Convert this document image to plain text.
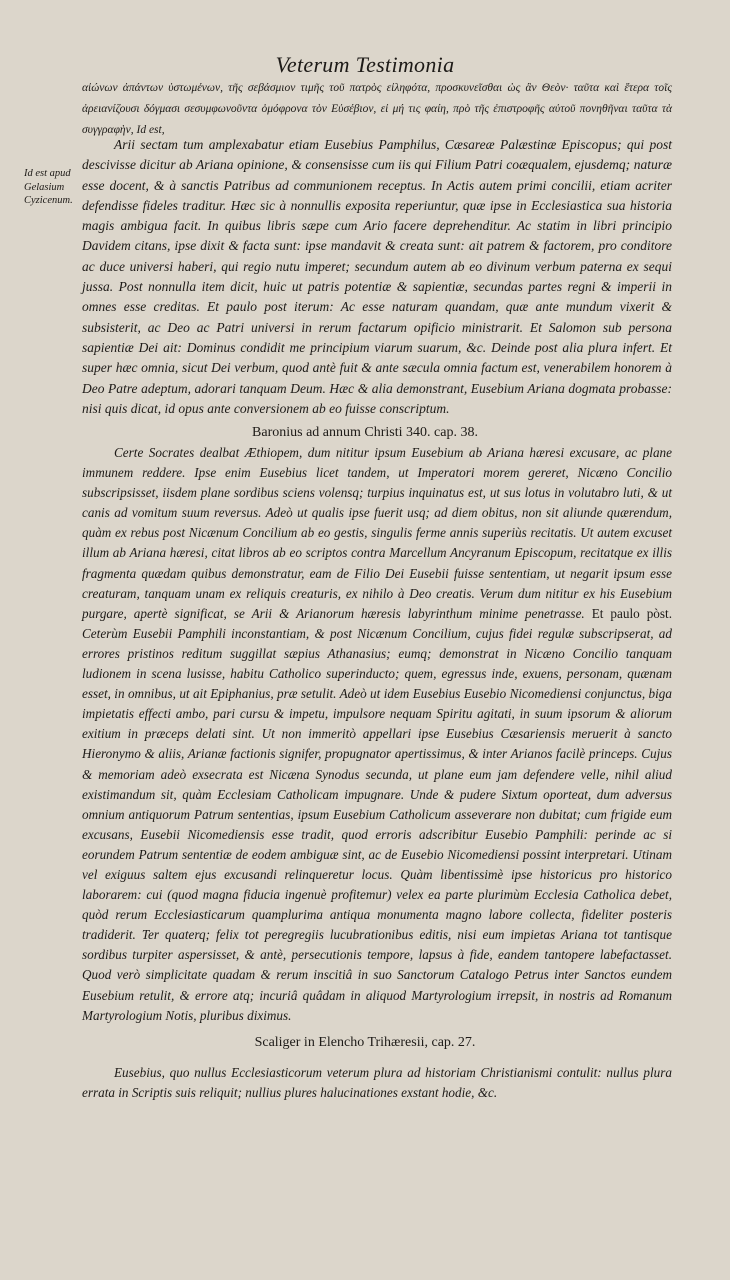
Veterum Testimonia

αἰώνων ἀπάντων ὑστωμένων, τῆς σεβάσμιον τιμῆς τοῦ πατρὸς εἰληφότα, προσκυνεῖσθαι ὡς ἂν Θεὸν· ταῦτα καὶ ἕτερα τοῖς ἀρειανίζουσι δόγμασι σεσυμφωνοῦντα ὁμόφρονα τὸν Εὐσέβιον, εἰ μή τις φαίη, πρὸ τῆς ἐπιστροφῆς αὐτοῦ πονηθῆναι ταῦτα τὰ συγγραφὴν, Id est,

Id est apud Gelasium Cyzicenum.

Arii sectam tum amplexabatur etiam Eusebius Pamphilus, Cæsareæ Palæstinæ Episcopus; qui post descivisse dicitur ab Ariana opinione, & consensisse cum iis qui Filium Patri coæqualem, ejusdemq; naturæ esse docent, & à sanctis Patribus ad communionem receptus. In Actis autem primi concilii, etiam acriter defendisse fideles traditur. Hæc sic à nonnullis exposita reperiuntur, quæ ipse in Ecclesiastica sua historia magis ambigua facit. In quibus libris sæpe cum Ario facere deprehenditur. Ac statim in libri principio Davidem citans, ipse dixit & facta sunt: ipse mandavit & creata sunt: ait patrem & factorem, pro conditore ac duce universi haberi, qui regio nutu imperet; secundum autem ab eo divinum verbum paterna ex sequi jussa. Post nonnulla item dicit, huic ut patris potentiæ & sapientiæ, secundas partes regni & imperii in omnes esse creditas. Et paulo post iterum: Ac esse naturam quandam, quæ ante mundum vixerit & subsisterit, ac Deo ac Patri universi in rerum factarum opificio ministrarit. Et Salomon sub persona sapientiæ Dei ait: Dominus condidit me principium viarum suarum, &c. Deinde post alia plura infert. Et super hæc omnia, sicut Dei verbum, quod antè fuit & ante sæcula omnia factum est, venerabilem honorem à Deo Patre adeptum, adorari tanquam Deum. Hæc & alia demonstrant, Eusebium Ariana dogmata probasse: nisi quis dicat, id opus ante conversionem ab eo fuisse conscriptum.

Baronius ad annum Christi 340. cap. 38.

Certe Socrates dealbat Æthiopem, dum nititur ipsum Eusebium ab Ariana hæresi excusare, ac plane immunem reddere. Ipse enim Eusebius licet tandem, ut Imperatori morem gereret, Nicæno Concilio subscripsisset, iisdem plane sordibus sciens volensq; turpius inquinatus est, ut sus lotus in volutabro luti, & ut canis ad vomitum suum reversus. Adeò ut qualis ipse fuerit usq; ad diem obitus, non sit aliunde quærendum, quàm ex rebus post Nicænum Concilium ab eo gestis, singulis ferme annis superiùs recitatis. Ut autem excuset illum ab Ariana hæresi, citat libros ab eo scriptos contra Marcellum Ancyranum Episcopum, recitatque ex illis fragmenta quædam quibus demonstratur, eam de Filio Dei Eusebii fuisse sententiam, ut negarit ipsum esse creaturam, tanquam unam ex reliquis creaturis, ex nihilo à Deo creatis. Verum dum nititur ex his Eusebium purgare, apertè significat, se Arii & Arianorum hæresis labyrinthum minime penetrasse. Et paulo pòst. Ceterùm Eusebii Pamphili inconstantiam, & post Nicænum Concilium, cujus fidei regulæ subscripserat, ad errores pristinos reditum suggillat sæpius Athanasius; eumq; demonstrat in Nicæno Concilio tanquam ludionem in scena lusisse, habitu Catholico superinducto; quem, egressus inde, exuens, personam, quænam esset, in omnibus, ut ait Epiphanius, præ setulit. Adeò ut idem Eusebius Eusebio Nicomediensi conjunctus, biga impietatis effecti ambo, pari cursu & impetu, impulsore nequam Spiritu agitati, in suum ipsorum & aliorum exitium in præceps delati sint. Ut non immeritò appellari ipse Eusebius Cæsariensis meruerit à sancto Hieronymo & aliis, Arianæ factionis signifer, propugnator apertissimus, & inter Arianos facilè princeps. Cujus & memoriam adeò exsecrata est Nicæna Synodus secunda, ut plane eum jam defendere velle, nihil aliud existimandum sit, quàm Ecclesiam Catholicam impugnare. Unde & pudere Sixtum oporteat, dum adversus omnium antiquorum Patrum sententias, ipsum Eusebium Catholicum asseverare non dubitat; cum frigide eum excusans, Eusebii Nicomediensis esse tradit, quod erroris adscribitur Eusebio Pamphili: perinde ac si eorundem Patrum sententiæ de eodem ambiguæ sint, ac de Eusebio Nicomediensi possint interpretari. Utinam vel exiguus saltem ejus excusandi relinqueretur locus. Quàm libentissimè ipse historicus pro historico laborarem: cui (quod magna fiducia ingenuè profitemur) velex ea parte plurimùm Ecclesia Catholica debet, quòd rerum Ecclesiasticarum quamplurima antiqua monumenta magno labore collecta, fideliter posteris tradiderit. Ter quaterq; felix tot peregregiis lucubrationibus editis, nisi eum impietas Ariana tot tantisque sordibus turpiter aspersisset, & antè, persecutionis tempore, lapsus à fide, eandem tantopere labefactasset. Quod verò simplicitate quadam & rerum inscitiâ in suo Sanctorum Catalogo Petrus inter Sanctos eundem Eusebium retulit, & errore atq; incuriâ quâdam in aliquod Martyrologium irrepsit, in nostris ad Romanum Martyrologium Notis, pluribus diximus.

Scaliger in Elencho Trihæresii, cap. 27.

Eusebius, quo nullus Ecclesiasticorum veterum plura ad historiam Christianismi contulit: nullus plura errata in Scriptis suis reliquit; nullius plures halucinationes exstant hodie, &c.
